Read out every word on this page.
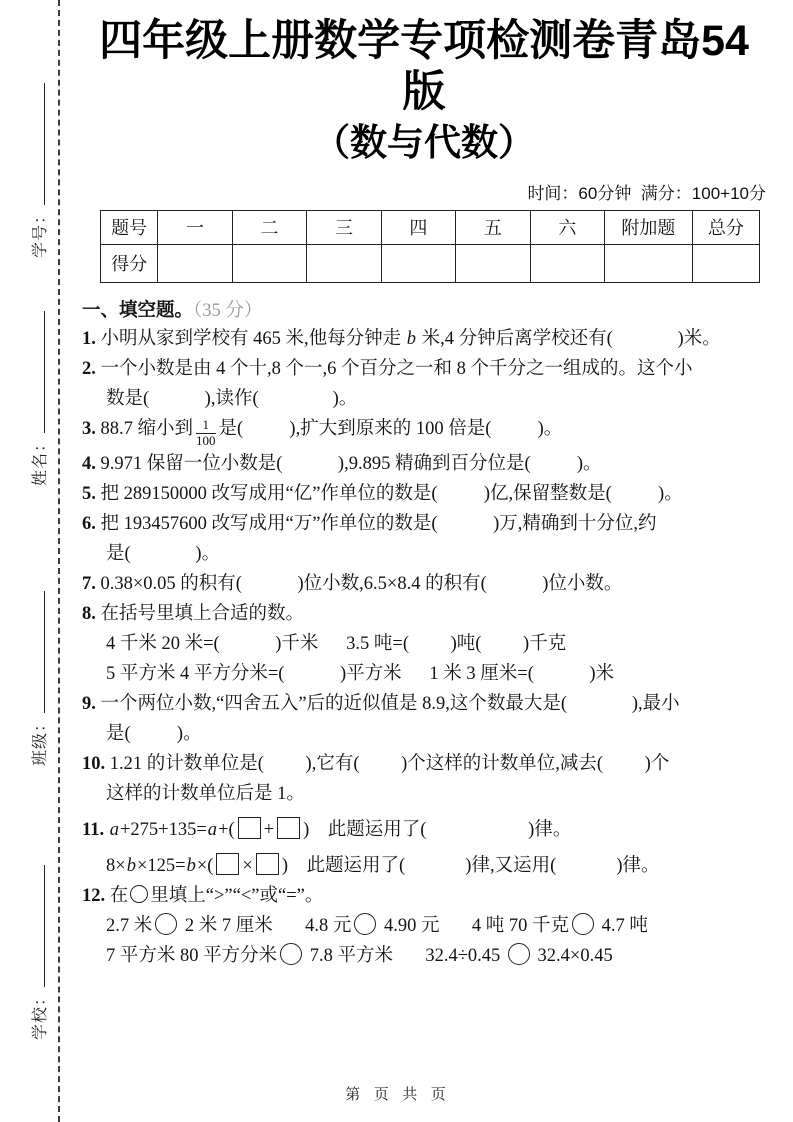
学号：
姓名：
班级：
学校：
四年级上册数学专项检测卷青岛54版
（数与代数）
时间：60分钟  满分：100+10分
题号	一	二	三	四	五	六	附加题	总分
得分								
一、填空题。（35 分）
1. 小明从家到学校有 465 米,他每分钟走 b 米,4 分钟后离学校还有(              )米。
2. 一个小数是由 4 个十,8 个一,6 个百分之一和 8 个千分之一组成的。这个小
数是(            ),读作(                )。
3. 88.7 缩小到 $\frac{1}{100}$ 是(          ),扩大到原来的 100 倍是(          )。
4. 9.971 保留一位小数是(            ),9.895 精确到百分位是(          )。
5. 把 289150000 改写成用“亿”作单位的数是(          )亿,保留整数是(          )。
6. 把 193457600 改写成用“万”作单位的数是(            )万,精确到十分位,约
是(              )。
7. 0.38×0.05 的积有(            )位小数,6.5×8.4 的积有(            )位小数。
8. 在括号里填上合适的数。
4 千米 20 米=(            )千米      3.5 吨=(         )吨(         )千克
5 平方米 4 平方分米=(            )平方米      1 米 3 厘米=(            )米
9. 一个两位小数,“四舍五入”后的近似值是 8.9,这个数最大是(              ),最小
是(          )。
10. 1.21 的计数单位是(         ),它有(         )个这样的计数单位,减去(         )个
这样的计数单位后是 1。
11. a+275+135=a+( + )    此题运用了(                      )律。
8×b×125=b×( × )    此题运用了(             )律,又运用(             )律。
12. 在 里填上“>”“<”或“=”。
2.7 米 2 米 7 厘米       4.8 元 4.90 元       4 吨 70 千克 4.7 吨
7 平方米 80 平方分米 7.8 平方米       32.4÷0.45  32.4×0.45
第  页  共  页
